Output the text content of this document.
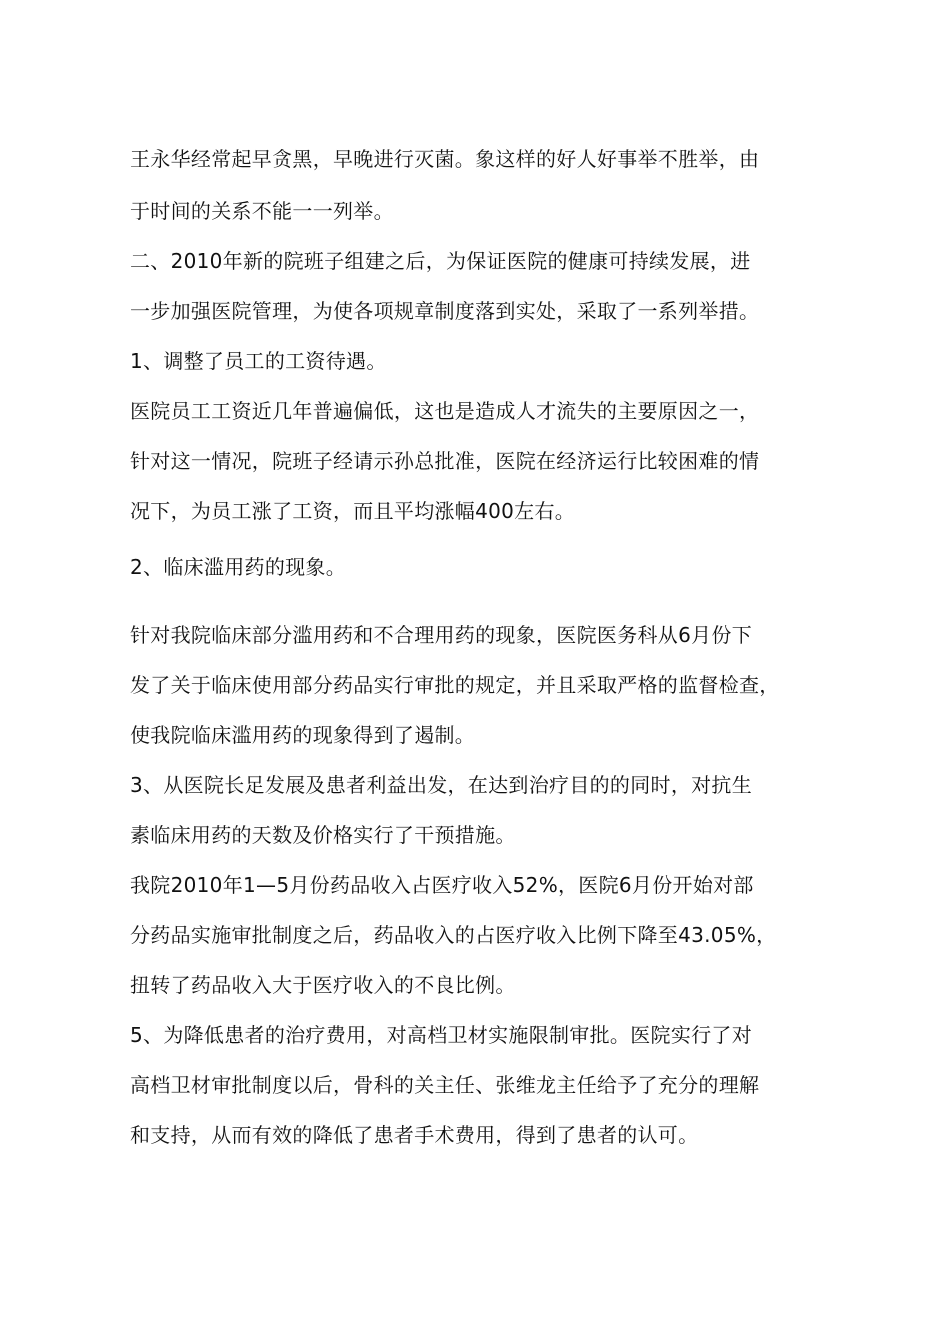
王永华经常起早贪黑，早晚进行灭菌。象这样的好人好事举不胜举，由
于时间的关系不能一一列举。
二、2010年新的院班子组建之后，为保证医院的健康可持续发展，进
一步加强医院管理，为使各项规章制度落到实处，采取了一系列举措。
1、调整了员工的工资待遇。
医院员工工资近几年普遍偏低，这也是造成人才流失的主要原因之一，
针对这一情况，院班子经请示孙总批准，医院在经济运行比较困难的情
况下，为员工涨了工资，而且平均涨幅400左右。
2、临床滥用药的现象。
针对我院临床部分滥用药和不合理用药的现象，医院医务科从6月份下
发了关于临床使用部分药品实行审批的规定，并且采取严格的监督检查，
使我院临床滥用药的现象得到了遏制。
3、从医院长足发展及患者利益出发，在达到治疗目的的同时，对抗生
素临床用药的天数及价格实行了干预措施。
我院2010年1—5月份药品收入占医疗收入52%，医院6月份开始对部
分药品实施审批制度之后，药品收入的占医疗收入比例下降至43.05%，
扭转了药品收入大于医疗收入的不良比例。
5、为降低患者的治疗费用，对高档卫材实施限制审批。医院实行了对
高档卫材审批制度以后，骨科的关主任、张维龙主任给予了充分的理解
和支持，从而有效的降低了患者手术费用，得到了患者的认可。
